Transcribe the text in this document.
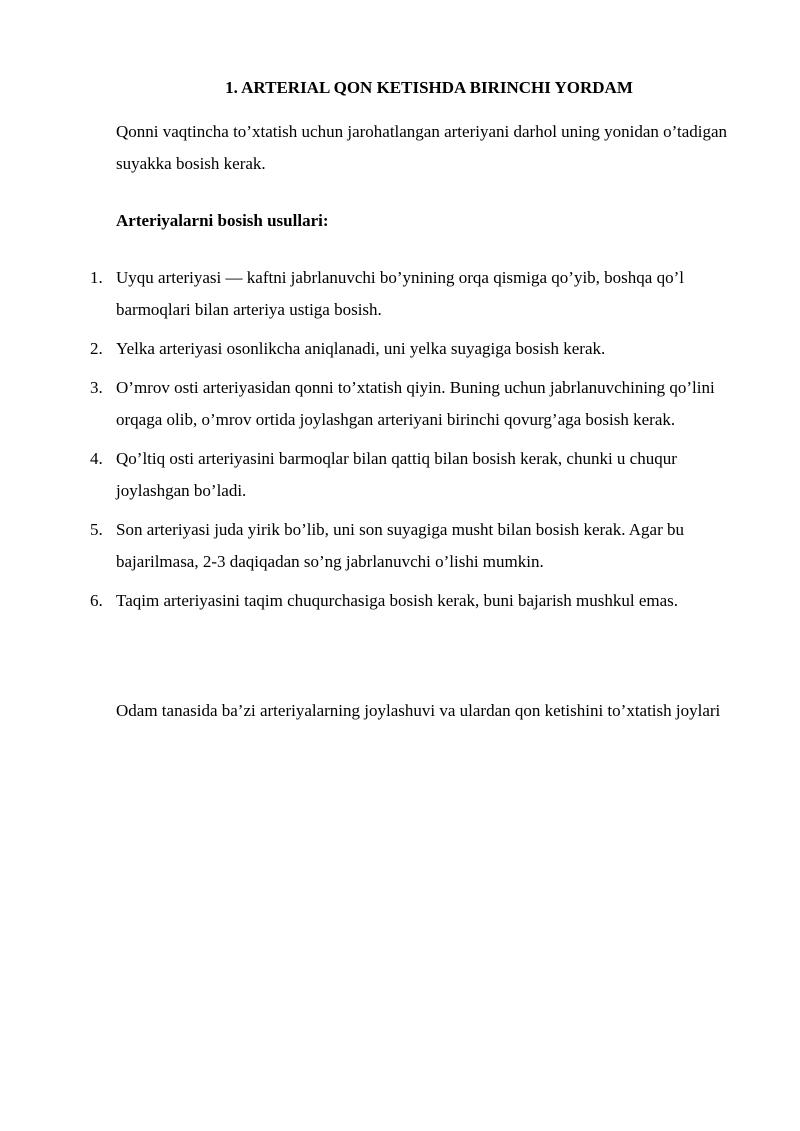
1. ARTERIAL QON KETISHDA BIRINCHI YORDAM

Qonni vaqtincha to’xtatish uchun jarohatlangan arteriyani darhol uning yonidan o’tadigan suyakka bosish kerak.

Arteriyalarni bosish usullari:

1. Uyqu arteriyasi — kaftni jabrlanuvchi bo’ynining orqa qismiga qo’yib, boshqa qo’l barmoqlari bilan arteriya ustiga bosish.
2. Yelka arteriyasi osonlikcha aniqlanadi, uni yelka suyagiga bosish kerak.
3. O’mrov osti arteriyasidan qonni to’xtatish qiyin. Buning uchun jabrlanuvchining qo’lini orqaga olib, o’mrov ortida joylashgan arteriyani birinchi qovurg’aga bosish kerak.
4. Qo’ltiq osti arteriyasini barmoqlar bilan qattiq bilan bosish kerak, chunki u chuqur joylashgan bo’ladi.
5. Son arteriyasi juda yirik bo’lib, uni son suyagiga musht bilan bosish kerak. Agar bu bajarilmasa, 2-3 daqiqadan so’ng jabrlanuvchi o’lishi mumkin.
6. Taqim arteriyasini taqim chuqurchasiga bosish kerak, buni bajarish mushkul emas.

Odam tanasida ba’zi arteriyalarning joylashuvi va ulardan qon ketishini to’xtatish joylari
